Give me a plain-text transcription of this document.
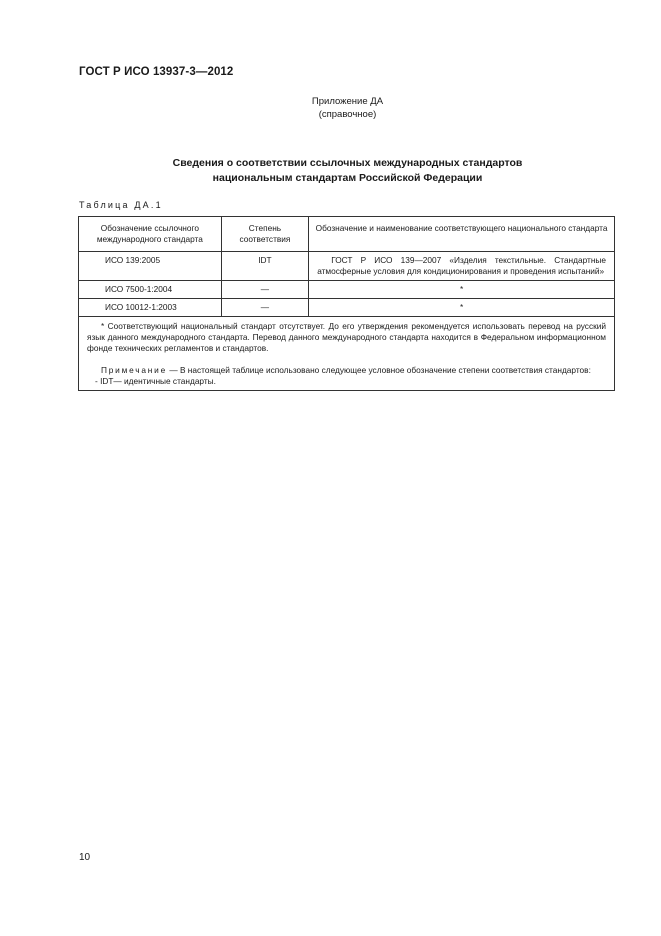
ГОСТ Р ИСО 13937-3—2012
Приложение ДА
(справочное)
Сведения о соответствии ссылочных международных стандартов
национальным стандартам Российской Федерации
Таблица ДА.1
Обозначение ссылочного международного стандарта	Степень соответствия	Обозначение и наименование соответствующего национального стандарта
ИСО 139:2005	IDT	ГОСТ Р ИСО 139—2007 «Изделия текстильные. Стандартные атмосферные условия для кондиционирования и проведения испытаний»

ИСО 7500-1:2004	—	*
ИСО 10012-1:2003	—	*

* Соответствующий национальный стандарт отсутствует. До его утверждения рекомендуется использовать перевод на русский язык данного международного стандарта. Перевод данного международного стандарта находится в Федеральном информационном фонде технических регламентов и стандартов.

Примечание — В настоящей таблице использовано следующее условное обозначение степени соответствия стандартов:

- IDT— идентичные стандарты.		

10
